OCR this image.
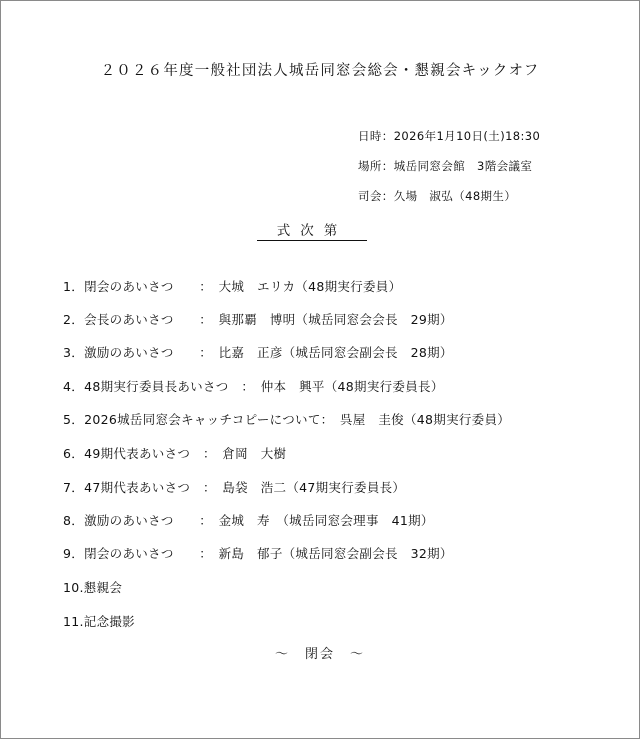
２０２６年度一般社団法人城岳同窓会総会・懇親会キックオフ
日時：2026年1月10日(土)18:30
場所：城岳同窓会館　3階会議室
司会：久場　淑弘（48期生）
式次第
1．閉会のあいさつ　　：　大城　エリカ（48期実行委員）
2．会長のあいさつ　　：　與那覇　博明（城岳同窓会会長　29期）
3．激励のあいさつ　　：　比嘉　正彦（城岳同窓会副会長　28期）
4．48期実行委員長あいさつ　：　仲本　興平（48期実行委員長）
5．2026城岳同窓会キャッチコピーについて：　呉屋　圭俊（48期実行委員）
6．49期代表あいさつ　：　倉岡　大樹
7．47期代表あいさつ　：　島袋　浩二（47期実行委員長）
8．激励のあいさつ　　：　金城　寿　（城岳同窓会理事　41期）
9．閉会のあいさつ　　：　新島　郁子（城岳同窓会副会長　32期）
10.懇親会
11.記念撮影
～　閉会　～
